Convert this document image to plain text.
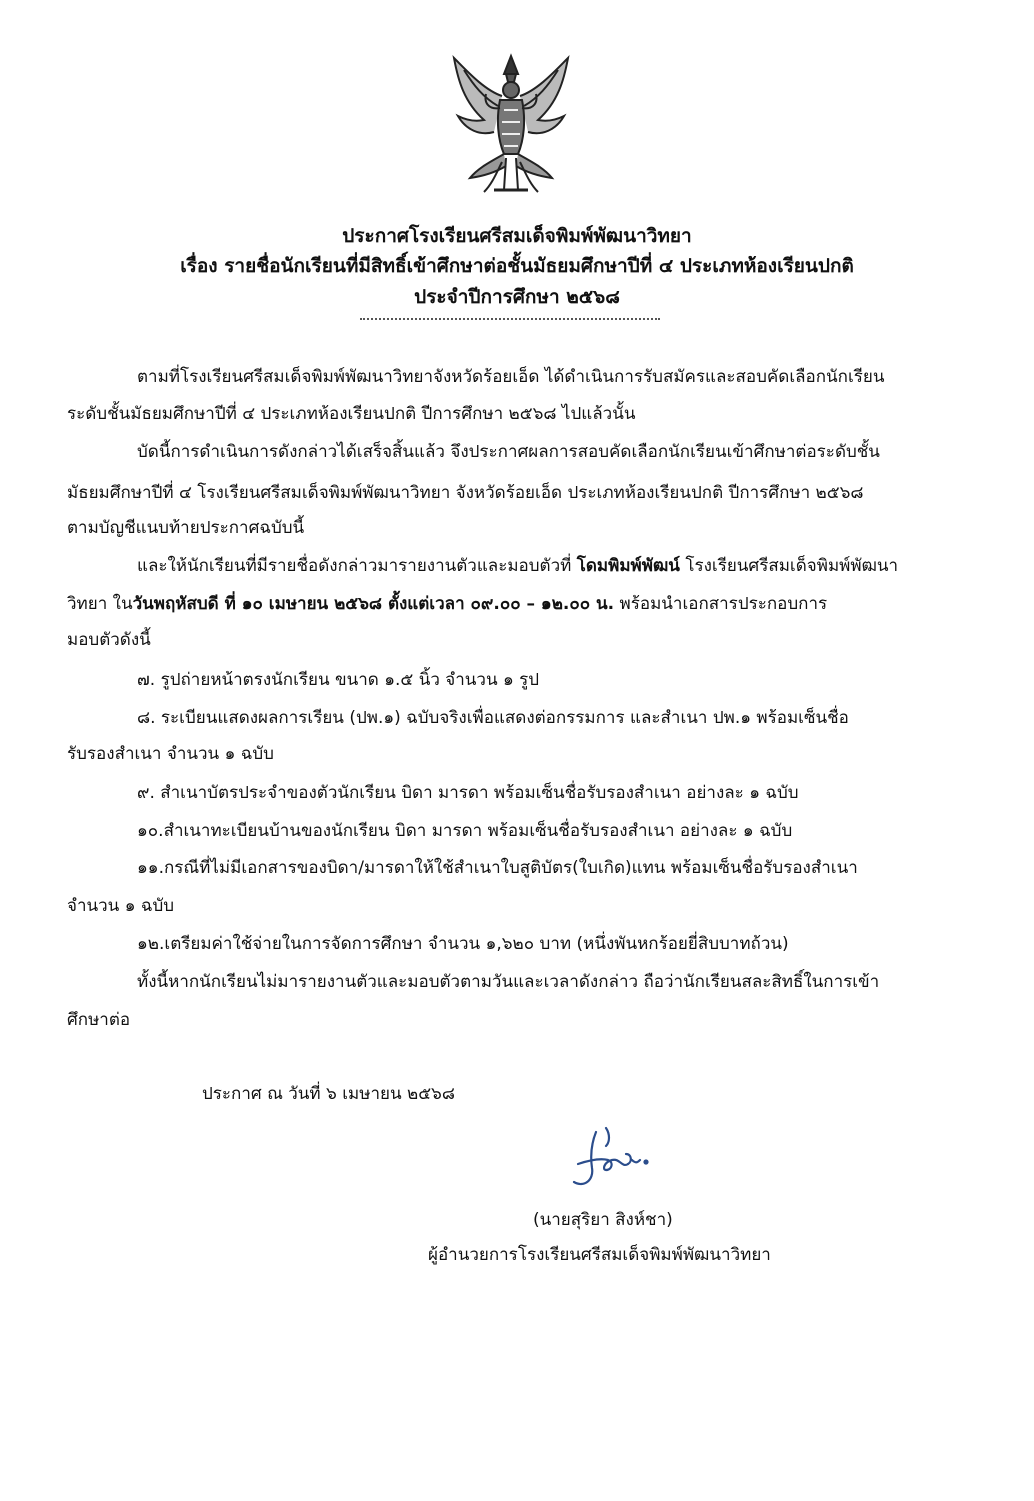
ประกาศโรงเรียนศรีสมเด็จพิมพ์พัฒนาวิทยา
เรื่อง รายชื่อนักเรียนที่มีสิทธิ์เข้าศึกษาต่อชั้นมัธยมศึกษาปีที่ ๔ ประเภทห้องเรียนปกติ
ประจำปีการศึกษา ๒๕๖๘
ตามที่โรงเรียนศรีสมเด็จพิมพ์พัฒนาวิทยาจังหวัดร้อยเอ็ด ได้ดำเนินการรับสมัครและสอบคัดเลือกนักเรียน
ระดับชั้นมัธยมศึกษาปีที่ ๔ ประเภทห้องเรียนปกติ ปีการศึกษา ๒๕๖๘ ไปแล้วนั้น
บัดนี้การดำเนินการดังกล่าวได้เสร็จสิ้นแล้ว จึงประกาศผลการสอบคัดเลือกนักเรียนเข้าศึกษาต่อระดับชั้น
มัธยมศึกษาปีที่ ๔ โรงเรียนศรีสมเด็จพิมพ์พัฒนาวิทยา จังหวัดร้อยเอ็ด ประเภทห้องเรียนปกติ ปีการศึกษา ๒๕๖๘
ตามบัญชีแนบท้ายประกาศฉบับนี้
และให้นักเรียนที่มีรายชื่อดังกล่าวมารายงานตัวและมอบตัวที่ โดมพิมพ์พัฒน์ โรงเรียนศรีสมเด็จพิมพ์พัฒนา
วิทยา ในวันพฤหัสบดี ที่ ๑๐ เมษายน ๒๕๖๘ ตั้งแต่เวลา ๐๙.๐๐ – ๑๒.๐๐ น. พร้อมนำเอกสารประกอบการ
มอบตัวดังนี้
๗. รูปถ่ายหน้าตรงนักเรียน ขนาด ๑.๕ นิ้ว จำนวน ๑ รูป
๘. ระเบียนแสดงผลการเรียน (ปพ.๑) ฉบับจริงเพื่อแสดงต่อกรรมการ และสำเนา ปพ.๑ พร้อมเซ็นชื่อ
รับรองสำเนา จำนวน ๑ ฉบับ
๙. สำเนาบัตรประจำของตัวนักเรียน บิดา มารดา พร้อมเซ็นชื่อรับรองสำเนา อย่างละ ๑ ฉบับ
๑๐.สำเนาทะเบียนบ้านของนักเรียน บิดา มารดา พร้อมเซ็นชื่อรับรองสำเนา อย่างละ ๑ ฉบับ
๑๑.กรณีที่ไม่มีเอกสารของบิดา/มารดาให้ใช้สำเนาใบสูติบัตร(ใบเกิด)แทน พร้อมเซ็นชื่อรับรองสำเนา
จำนวน ๑ ฉบับ
๑๒.เตรียมค่าใช้จ่ายในการจัดการศึกษา จำนวน ๑,๖๒๐ บาท (หนึ่งพันหกร้อยยี่สิบบาทถ้วน)
ทั้งนี้หากนักเรียนไม่มารายงานตัวและมอบตัวตามวันและเวลาดังกล่าว ถือว่านักเรียนสละสิทธิ์ในการเข้า
ศึกษาต่อ
ประกาศ ณ วันที่ ๖ เมษายน ๒๕๖๘
(นายสุริยา สิงห์ชา)
ผู้อำนวยการโรงเรียนศรีสมเด็จพิมพ์พัฒนาวิทยา
